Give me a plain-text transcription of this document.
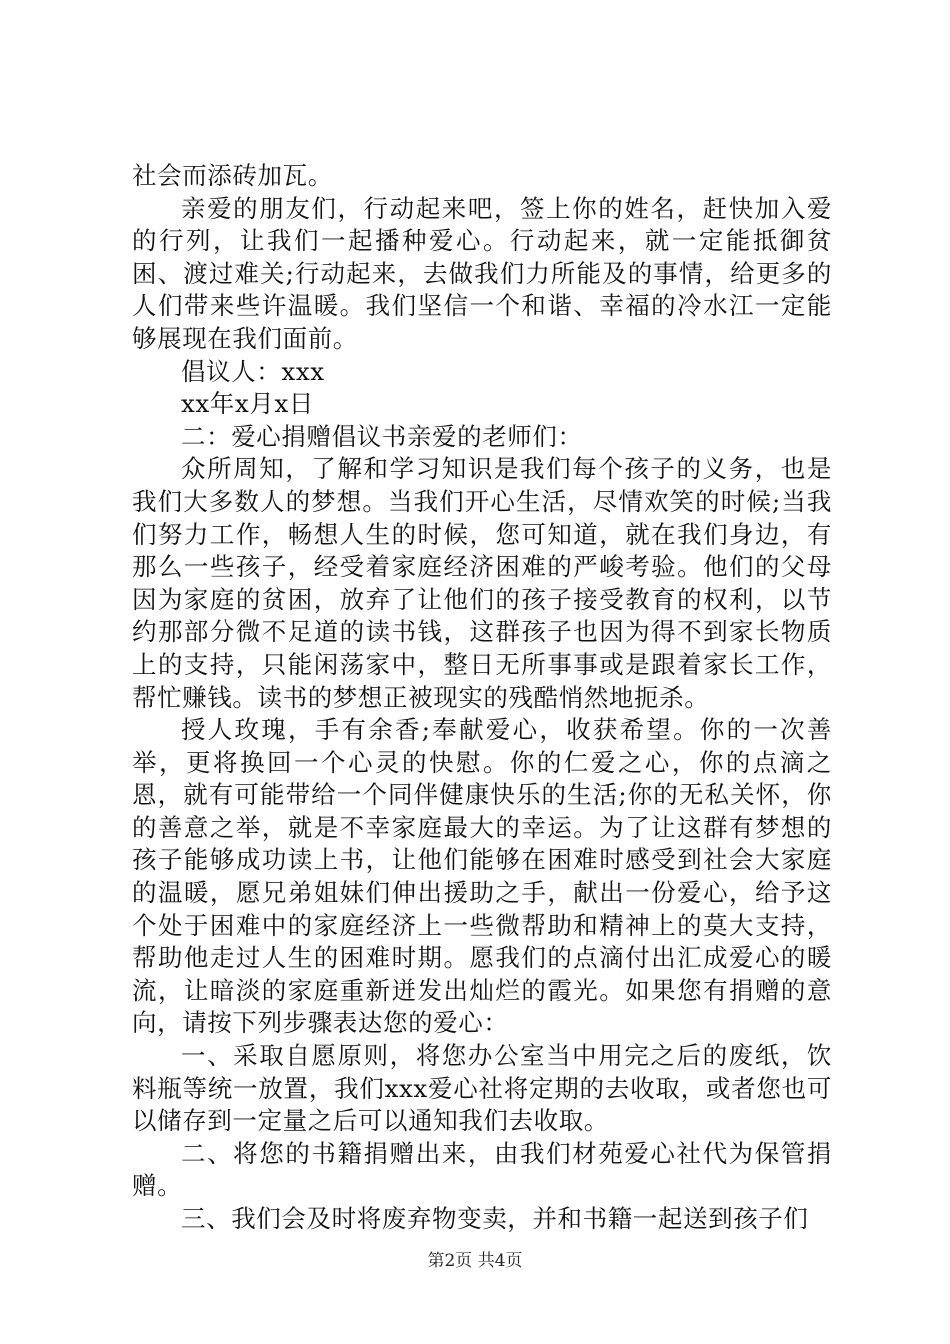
社会而添砖加瓦。

亲爱的朋友们，行动起来吧，签上你的姓名，赶快加入爱的行列，让我们一起播种爱心。行动起来，就一定能抵御贫困、渡过难关;行动起来，去做我们力所能及的事情，给更多的人们带来些许温暖。我们坚信一个和谐、幸福的冷水江一定能够展现在我们面前。

倡议人：xxx

xx年x月x日

二：爱心捐赠倡议书亲爱的老师们：

众所周知，了解和学习知识是我们每个孩子的义务，也是我们大多数人的梦想。当我们开心生活，尽情欢笑的时候;当我们努力工作，畅想人生的时候，您可知道，就在我们身边，有那么一些孩子，经受着家庭经济困难的严峻考验。他们的父母因为家庭的贫困，放弃了让他们的孩子接受教育的权利，以节约那部分微不足道的读书钱，这群孩子也因为得不到家长物质上的支持，只能闲荡家中，整日无所事事或是跟着家长工作，帮忙赚钱。读书的梦想正被现实的残酷悄然地扼杀。

授人玫瑰，手有余香;奉献爱心，收获希望。你的一次善举，更将换回一个心灵的快慰。你的仁爱之心，你的点滴之恩，就有可能带给一个同伴健康快乐的生活;你的无私关怀，你的善意之举，就是不幸家庭最大的幸运。为了让这群有梦想的孩子能够成功读上书，让他们能够在困难时感受到社会大家庭的温暖，愿兄弟姐妹们伸出援助之手，献出一份爱心，给予这个处于困难中的家庭经济上一些微帮助和精神上的莫大支持，帮助他走过人生的困难时期。愿我们的点滴付出汇成爱心的暖流，让暗淡的家庭重新迸发出灿烂的霞光。如果您有捐赠的意向，请按下列步骤表达您的爱心：

一、采取自愿原则，将您办公室当中用完之后的废纸，饮料瓶等统一放置，我们xxx爱心社将定期的去收取，或者您也可以储存到一定量之后可以通知我们去收取。

二、将您的书籍捐赠出来，由我们材苑爱心社代为保管捐赠。

三、我们会及时将废弃物变卖，并和书籍一起送到孩子们

第2页 共4页
